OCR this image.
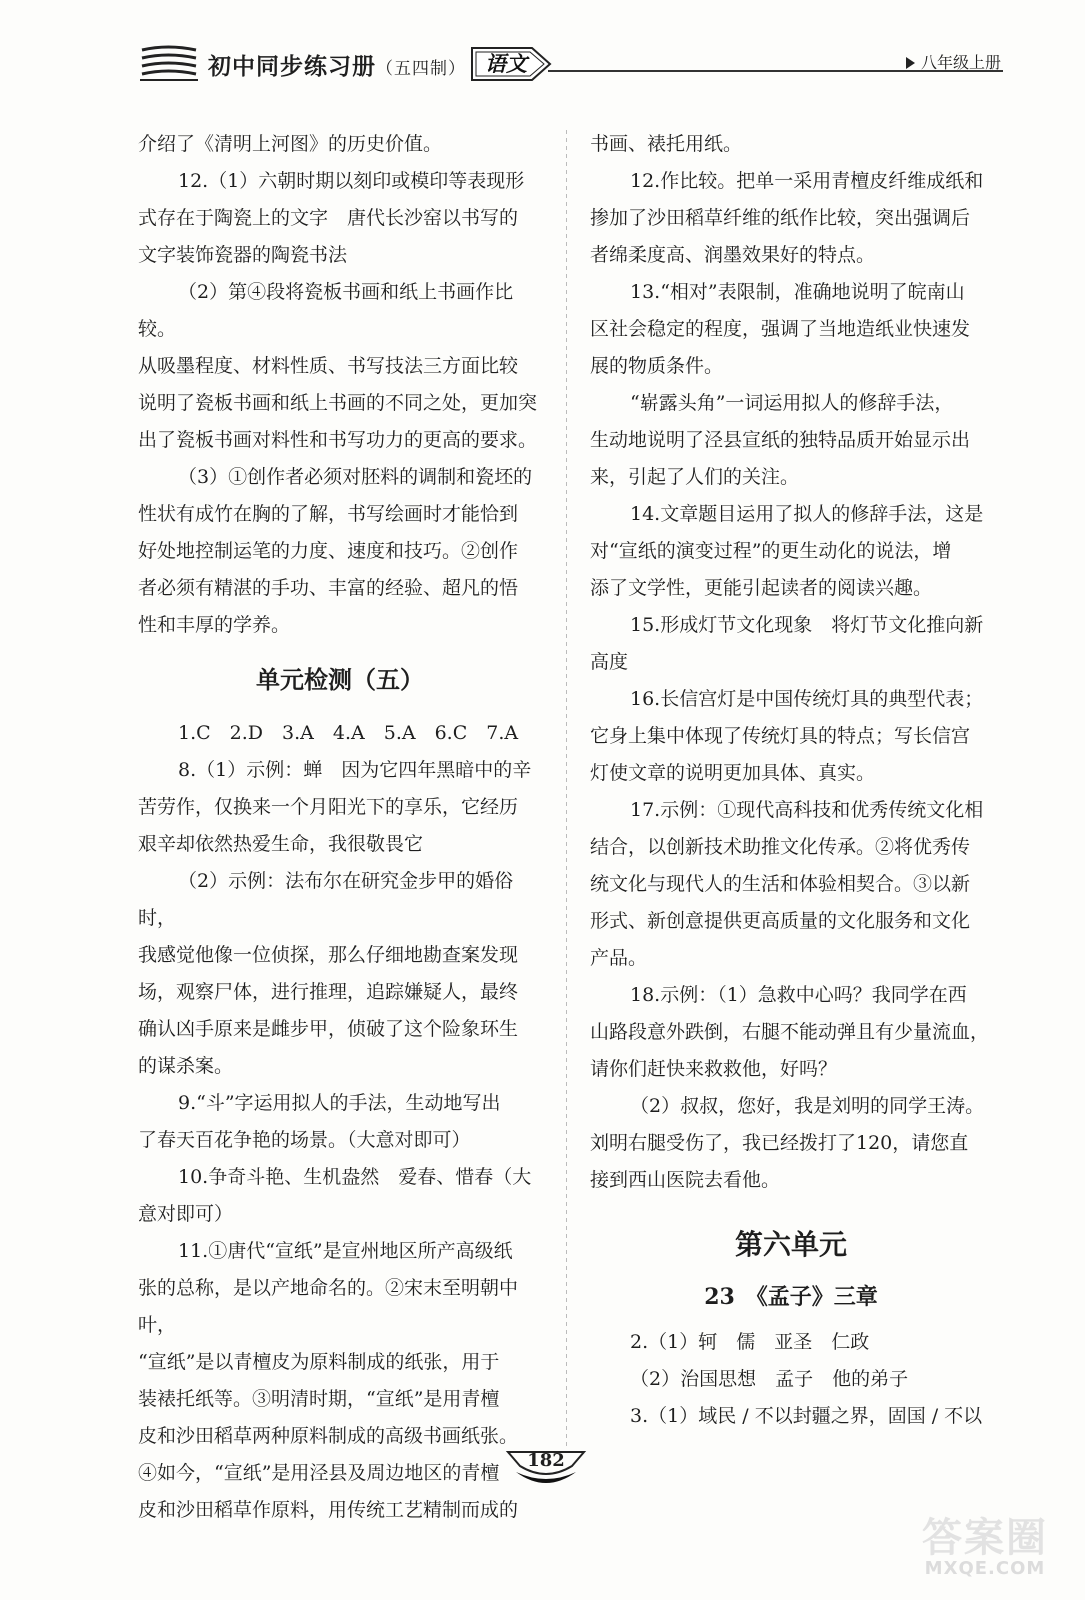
初中同步练习册（五四制） 语文	八年级上册

介绍了《清明上河图》的历史价值。

12.（1）六朝时期以刻印或模印等表现形

式存在于陶瓷上的文字　唐代长沙窑以书写的

文字装饰瓷器的陶瓷书法

（2）第④段将瓷板书画和纸上书画作比较。

从吸墨程度、材料性质、书写技法三方面比较

说明了瓷板书画和纸上书画的不同之处，更加突

出了瓷板书画对料性和书写功力的更高的要求。

（3）①创作者必须对胚料的调制和瓷坯的

性状有成竹在胸的了解，书写绘画时才能恰到

好处地控制运笔的力度、速度和技巧。②创作

者必须有精湛的手功、丰富的经验、超凡的悟

性和丰厚的学养。

单元检测（五）

1.C　2.D　3.A　4.A　5.A　6.C　7.A

8.（1）示例：蝉　因为它四年黑暗中的辛

苦劳作，仅换来一个月阳光下的享乐，它经历

艰辛却依然热爱生命，我很敬畏它

（2）示例：法布尔在研究金步甲的婚俗时，

我感觉他像一位侦探，那么仔细地勘查案发现

场，观察尸体，进行推理，追踪嫌疑人，最终

确认凶手原来是雌步甲，侦破了这个险象环生

的谋杀案。

9.“斗”字运用拟人的手法，生动地写出

了春天百花争艳的场景。（大意对即可）

10.争奇斗艳、生机盎然　爱春、惜春（大

意对即可）

11.①唐代“宣纸”是宣州地区所产高级纸

张的总称，是以产地命名的。②宋末至明朝中叶，

“宣纸”是以青檀皮为原料制成的纸张，用于

装裱托纸等。③明清时期，“宣纸”是用青檀

皮和沙田稻草两种原料制成的高级书画纸张。

④如今，“宣纸”是用泾县及周边地区的青檀

皮和沙田稻草作原料，用传统工艺精制而成的

书画、裱托用纸。

12.作比较。把单一采用青檀皮纤维成纸和

掺加了沙田稻草纤维的纸作比较，突出强调后

者绵柔度高、润墨效果好的特点。

13.“相对”表限制，准确地说明了皖南山

区社会稳定的程度，强调了当地造纸业快速发

展的物质条件。

“崭露头角”一词运用拟人的修辞手法，

生动地说明了泾县宣纸的独特品质开始显示出

来，引起了人们的关注。

14.文章题目运用了拟人的修辞手法，这是

对“宣纸的演变过程”的更生动化的说法，增

添了文学性，更能引起读者的阅读兴趣。

15.形成灯节文化现象　将灯节文化推向新

高度

16.长信宫灯是中国传统灯具的典型代表；

它身上集中体现了传统灯具的特点；写长信宫

灯使文章的说明更加具体、真实。

17.示例：①现代高科技和优秀传统文化相

结合，以创新技术助推文化传承。②将优秀传

统文化与现代人的生活和体验相契合。③以新

形式、新创意提供更高质量的文化服务和文化

产品。

18.示例：（1）急救中心吗？我同学在西

山路段意外跌倒，右腿不能动弹且有少量流血，

请你们赶快来救救他，好吗？

（2）叔叔，您好，我是刘明的同学王涛。

刘明右腿受伤了，我已经拨打了120，请您直

接到西山医院去看他。

第六单元

23　《孟子》三章

2.（1）轲　儒　亚圣　仁政

（2）治国思想　孟子　他的弟子

3.（1）域民 / 不以封疆之界，固国 / 不以

182
答案圈
MXQE.COM
